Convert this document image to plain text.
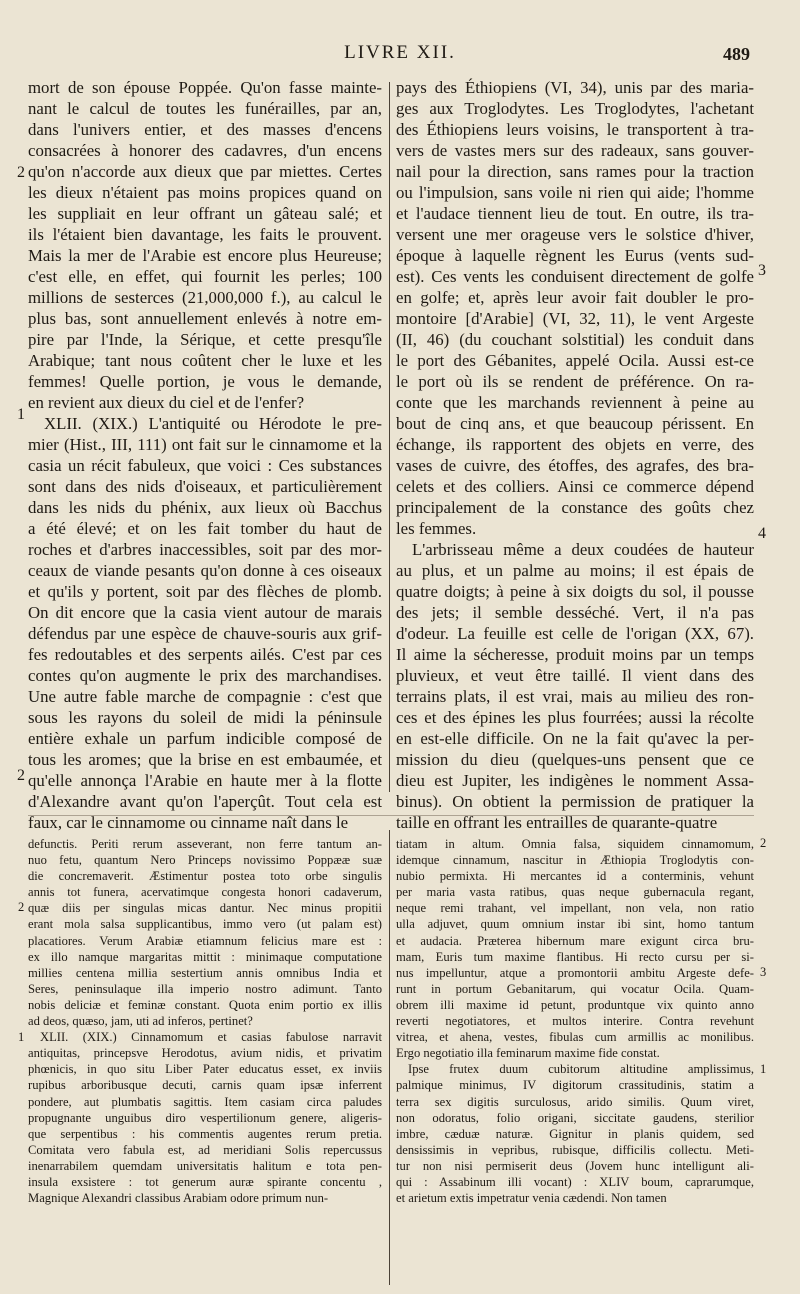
LIVRE XII.	489
mort de son épouse Poppée. Qu'on fasse mainte-
nant le calcul de toutes les funérailles, par an,
dans l'univers entier, et des masses d'encens
consacrées à honorer des cadavres, d'un encens
qu'on n'accorde aux dieux que par miettes. Certes
les dieux n'étaient pas moins propices quand on
les suppliait en leur offrant un gâteau salé; et
ils l'étaient bien davantage, les faits le prouvent.
Mais la mer de l'Arabie est encore plus Heureuse;
c'est elle, en effet, qui fournit les perles; 100
millions de sesterces (21,000,000 f.), au calcul le
plus bas, sont annuellement enlevés à notre em-
pire par l'Inde, la Sérique, et cette presqu'île
Arabique; tant nous coûtent cher le luxe et les
femmes! Quelle portion, je vous le demande,
en revient aux dieux du ciel et de l'enfer?
XLII. (XIX.) L'antiquité ou Hérodote le pre-
mier (Hist., III, 111) ont fait sur le cinnamome et la
casia un récit fabuleux, que voici : Ces substances
sont dans des nids d'oiseaux, et particulièrement
dans les nids du phénix, aux lieux où Bacchus
a été élevé; et on les fait tomber du haut de
roches et d'arbres inaccessibles, soit par des mor-
ceaux de viande pesants qu'on donne à ces oiseaux
et qu'ils y portent, soit par des flèches de plomb.
On dit encore que la casia vient autour de marais
défendus par une espèce de chauve-souris aux grif-
fes redoutables et des serpents ailés. C'est par ces
contes qu'on augmente le prix des marchandises.
Une autre fable marche de compagnie : c'est que
sous les rayons du soleil de midi la péninsule
entière exhale un parfum indicible composé de
tous les aromes; que la brise en est embaumée, et
qu'elle annonça l'Arabie en haute mer à la flotte
d'Alexandre avant qu'on l'aperçût. Tout cela est
faux, car le cinnamome ou cinname naît dans le
pays des Éthiopiens (VI, 34), unis par des maria-
ges aux Troglodytes. Les Troglodytes, l'achetant
des Éthiopiens leurs voisins, le transportent à tra-
vers de vastes mers sur des radeaux, sans gouver-
nail pour la direction, sans rames pour la traction
ou l'impulsion, sans voile ni rien qui aide; l'homme
et l'audace tiennent lieu de tout. En outre, ils tra-
versent une mer orageuse vers le solstice d'hiver,
époque à laquelle règnent les Eurus (vents sud-
est). Ces vents les conduisent directement de golfe
en golfe; et, après leur avoir fait doubler le pro-
montoire [d'Arabie] (VI, 32, 11), le vent Argeste
(II, 46) (du couchant solstitial) les conduit dans
le port des Gébanites, appelé Ocila. Aussi est-ce
le port où ils se rendent de préférence. On ra-
conte que les marchands reviennent à peine au
bout de cinq ans, et que beaucoup périssent. En
échange, ils rapportent des objets en verre, des
vases de cuivre, des étoffes, des agrafes, des bra-
celets et des colliers. Ainsi ce commerce dépend
principalement de la constance des goûts chez
les femmes.
L'arbrisseau même a deux coudées de hauteur
au plus, et un palme au moins; il est épais de
quatre doigts; à peine à six doigts du sol, il pousse
des jets; il semble desséché. Vert, il n'a pas
d'odeur. La feuille est celle de l'origan (XX, 67).
Il aime la sécheresse, produit moins par un temps
pluvieux, et veut être taillé. Il vient dans des
terrains plats, il est vrai, mais au milieu des ron-
ces et des épines les plus fourrées; aussi la récolte
en est-elle difficile. On ne la fait qu'avec la per-
mission du dieu (quelques-uns pensent que ce
dieu est Jupiter, les indigènes le nomment Assa-
binus). On obtient la permission de pratiquer la
taille en offrant les entrailles de quarante-quatre
defunctis. Periti rerum asseverant, non ferre tantum an-
nuo fetu, quantum Nero Princeps novissimo Poppææ suæ
die concremaverit. Æstimentur postea toto orbe singulis
annis tot funera, acervatimque congesta honori cadaverum,
quæ diis per singulas micas dantur. Nec minus propitii
erant mola salsa supplicantibus, immo vero (ut palam est)
placatiores. Verum Arabiæ etiamnum felicius mare est :
ex illo namque margaritas mittit : minimaque computatione
millies centena millia sestertium annis omnibus India et
Seres, peninsulaque illa imperio nostro adimunt. Tanto
nobis deliciæ et feminæ constant. Quota enim portio ex illis
ad deos, quæso, jam, uti ad inferos, pertinet?
XLII. (XIX.) Cinnamomum et casias fabulose narravit
antiquitas, princepsve Herodotus, avium nidis, et privatim
phœnicis, in quo situ Liber Pater educatus esset, ex inviis
rupibus arboribusque decuti, carnis quam ipsæ inferrent
pondere, aut plumbatis sagittis. Item casiam circa paludes
propugnante unguibus diro vespertilionum genere, aligeris-
que serpentibus : his commentis augentes rerum pretia.
Comitata vero fabula est, ad meridiani Solis repercussus
inenarrabilem quemdam universitatis halitum e tota pen-
insula exsistere : tot generum auræ spirante concentu ,
Magnique Alexandri classibus Arabiam odore primum nun-
tiatam in altum. Omnia falsa, siquidem cinnamomum,
idemque cinnamum, nascitur in Æthiopia Troglodytis con-
nubio permixta. Hi mercantes id a conterminis, vehunt
per maria vasta ratibus, quas neque gubernacula regant,
neque remi trahant, vel impellant, non vela, non ratio
ulla adjuvet, quum omnium instar ibi sint, homo tantum
et audacia. Præterea hibernum mare exigunt circa bru-
mam, Euris tum maxime flantibus. Hi recto cursu per si-
nus impelluntur, atque a promontorii ambitu Argeste defe-
runt in portum Gebanitarum, qui vocatur Ocila. Quam-
obrem illi maxime id petunt, produntque vix quinto anno
reverti negotiatores, et multos interire. Contra revehunt
vitrea, et ahena, vestes, fibulas cum armillis ac monilibus.
Ergo negotiatio illa feminarum maxime fide constat.
Ipse frutex duum cubitorum altitudine amplissimus,
palmique minimus, IV digitorum crassitudinis, statim a
terra sex digitis surculosus, arido similis. Quum viret,
non odoratus, folio origani, siccitate gaudens, sterilior
imbre, cæduæ naturæ. Gignitur in planis quidem, sed
densissimis in vepribus, rubisque, difficilis collectu. Meti-
tur non nisi permiserit deus (Jovem hunc intelligunt ali-
qui : Assabinum illi vocant) : XLIV boum, caprarumque,
et arietum extis impetratur venia cædendi. Non tamen
2
1
2
3
4
2
1
2
3
1
